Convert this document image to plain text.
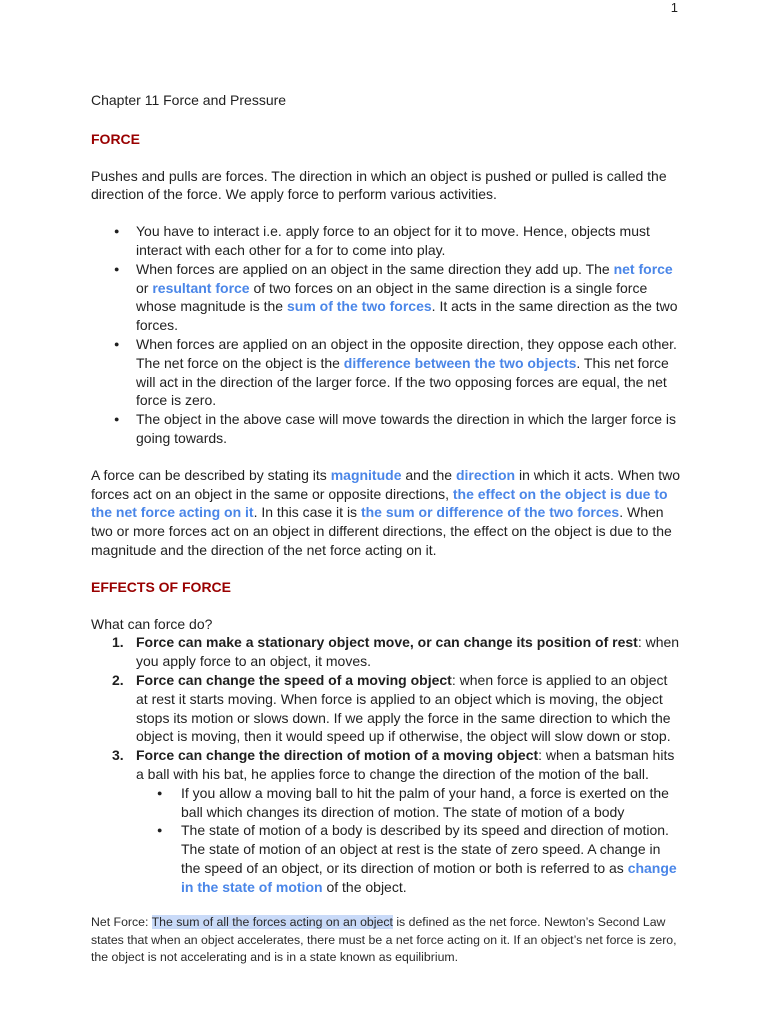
1
Chapter 11 Force and Pressure
FORCE

Pushes and pulls are forces. The direction in which an object is pushed or pulled is called the direction of the force. We apply force to perform various activities.

● You have to interact i.e. apply force to an object for it to move. Hence, objects must interact with each other for a for to come into play.
● When forces are applied on an object in the same direction they add up. The net force or resultant force of two forces on an object in the same direction is a single force whose magnitude is the sum of the two forces. It acts in the same direction as the two forces.
● When forces are applied on an object in the opposite direction, they oppose each other. The net force on the object is the difference between the two objects. This net force will act in the direction of the larger force. If the two opposing forces are equal, the net force is zero.
● The object in the above case will move towards the direction in which the larger force is going towards.

A force can be described by stating its magnitude and the direction in which it acts. When two forces act on an object in the same or opposite directions, the effect on the object is due to the net force acting on it. In this case it is the sum or difference of the two forces. When two or more forces act on an object in different directions, the effect on the object is due to the magnitude and the direction of the net force acting on it.

EFFECTS OF FORCE

What can force do?

1. Force can make a stationary object move, or can change its position of rest: when you apply force to an object, it moves.
2. Force can change the speed of a moving object: when force is applied to an object at rest it starts moving. When force is applied to an object which is moving, the object stops its motion or slows down. If we apply the force in the same direction to which the object is moving, then it would speed up if otherwise, the object will slow down or stop.
3. Force can change the direction of motion of a moving object: when a batsman hits a ball with his bat, he applies force to change the direction of the motion of the ball.
● If you allow a moving ball to hit the palm of your hand, a force is exerted on the ball which changes its direction of motion. The state of motion of a body
● The state of motion of a body is described by its speed and direction of motion. The state of motion of an object at rest is the state of zero speed. A change in the speed of an object, or its direction of motion or both is referred to as change in the state of motion of the object.

Net Force: The sum of all the forces acting on an object is defined as the net force. Newton’s Second Law states that when an object accelerates, there must be a net force acting on it. If an object’s net force is zero, the object is not accelerating and is in a state known as equilibrium.
